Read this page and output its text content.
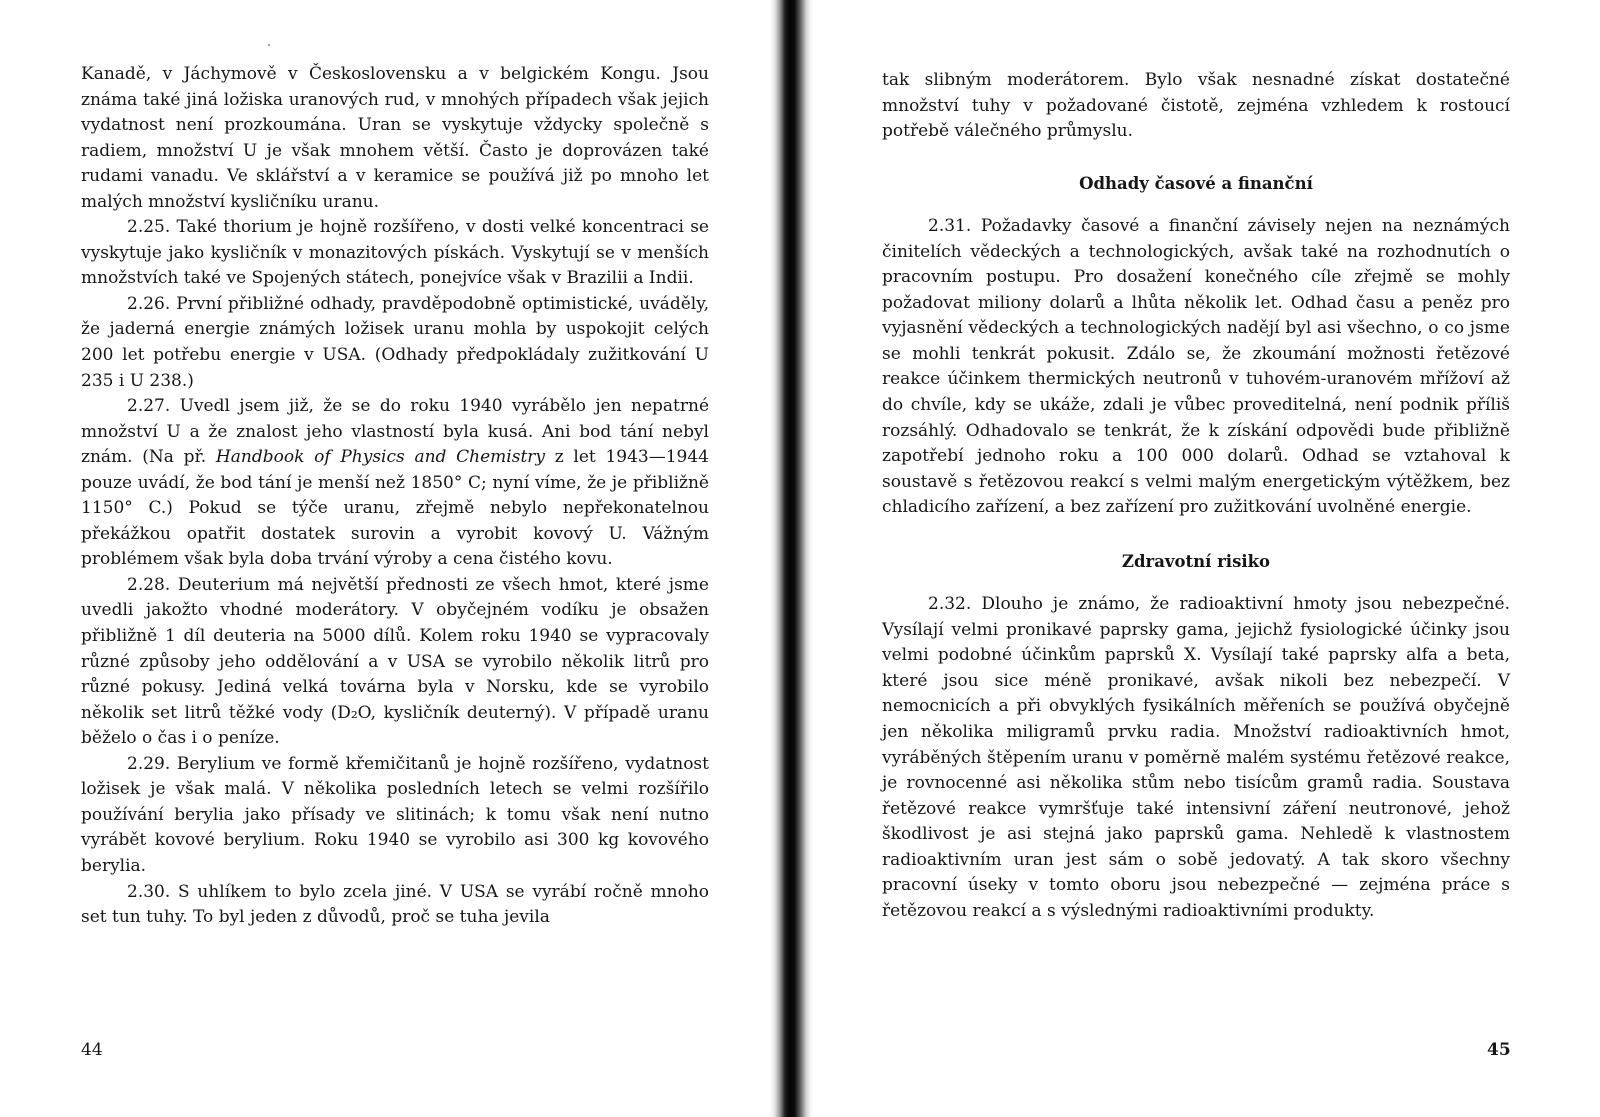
Kanadě, v Jáchymově v Československu a v belgickém Kongu. Jsou známa také jiná ložiska uranových rud, v mnohých případech však jejich vydatnost není prozkoumána. Uran se vyskytuje vždycky společně s radiem, množství U je však mnohem větší. Často je doprovázen také rudami vanadu. Ve sklářství a v keramice se používá již po mnoho let malých množství kysličníku uranu.

2.25. Také thorium je hojně rozšířeno, v dosti velké koncentraci se vyskytuje jako kysličník v monazitových pískách. Vyskytují se v menších množstvích také ve Spojených státech, ponejvíce však v Brazilii a Indii.

2.26. První přibližné odhady, pravděpodobně optimistické, uváděly, že jaderná energie známých ložisek uranu mohla by uspokojit celých 200 let potřebu energie v USA. (Odhady předpokládaly zužitkování U 235 i U 238.)

2.27. Uvedl jsem již, že se do roku 1940 vyrábělo jen nepatrné množství U a že znalost jeho vlastností byla kusá. Ani bod tání nebyl znám. (Na př. Handbook of Physics and Chemistry z let 1943—1944 pouze uvádí, že bod tání je menší než 1850° C; nyní víme, že je přibližně 1150° C.) Pokud se týče uranu, zřejmě nebylo nepřekonatelnou překážkou opatřit dostatek surovin a vyrobit kovový U. Vážným problémem však byla doba trvání výroby a cena čistého kovu.

2.28. Deuterium má největší přednosti ze všech hmot, které jsme uvedli jakožto vhodné moderátory. V obyčejném vodíku je obsažen přibližně 1 díl deuteria na 5000 dílů. Kolem roku 1940 se vypracovaly různé způsoby jeho oddělování a v USA se vyrobilo několik litrů pro různé pokusy. Jediná velká továrna byla v Norsku, kde se vyrobilo několik set litrů těžké vody (D₂O, kysličník deuterný). V případě uranu běželo o čas i o peníze.

2.29. Berylium ve formě křemičitanů je hojně rozšířeno, vydatnost ložisek je však malá. V několika posledních letech se velmi rozšířilo používání berylia jako přísady ve slitinách; k tomu však není nutno vyrábět kovové berylium. Roku 1940 se vyrobilo asi 300 kg kovového berylia.

2.30. S uhlíkem to bylo zcela jiné. V USA se vyrábí ročně mnoho set tun tuhy. To byl jeden z důvodů, proč se tuha jevila

44

tak slibným moderátorem. Bylo však nesnadné získat dostatečné množství tuhy v požadované čistotě, zejména vzhledem k rostoucí potřebě válečného průmyslu.

Odhady časové a finanční

2.31. Požadavky časové a finanční závisely nejen na neznámých činitelích vědeckých a technologických, avšak také na rozhodnutích o pracovním postupu. Pro dosažení konečného cíle zřejmě se mohly požadovat miliony dolarů a lhůta několik let. Odhad času a peněz pro vyjasnění vědeckých a technologických nadějí byl asi všechno, o co jsme se mohli tenkrát pokusit. Zdálo se, že zkoumání možnosti řetězové reakce účinkem thermických neutronů v tuhovém-uranovém mřížoví až do chvíle, kdy se ukáže, zdali je vůbec proveditelná, není podnik příliš rozsáhlý. Odhadovalo se tenkrát, že k získání odpovědi bude přibližně zapotřebí jednoho roku a 100 000 dolarů. Odhad se vztahoval k soustavě s řetězovou reakcí s velmi malým energetickým výtěžkem, bez chladicího zařízení, a bez zařízení pro zužitkování uvolněné energie.

Zdravotní risiko

2.32. Dlouho je známo, že radioaktivní hmoty jsou nebezpečné. Vysílají velmi pronikavé paprsky gama, jejichž fysiologické účinky jsou velmi podobné účinkům paprsků X. Vysílají také paprsky alfa a beta, které jsou sice méně pronikavé, avšak nikoli bez nebezpečí. V nemocnicích a při obvyklých fysikálních měřeních se používá obyčejně jen několika miligramů prvku radia. Množství radioaktivních hmot, vyráběných štěpením uranu v poměrně malém systému řetězové reakce, je rovnocenné asi několika stům nebo tisícům gramů radia. Soustava řetězové reakce vymršťuje také intensivní záření neutronové, jehož škodlivost je asi stejná jako paprsků gama. Nehledě k vlastnostem radioaktivním uran jest sám o sobě jedovatý. A tak skoro všechny pracovní úseky v tomto oboru jsou nebezpečné — zejména práce s řetězovou reakcí a s výslednými radioaktivními produkty.

45
